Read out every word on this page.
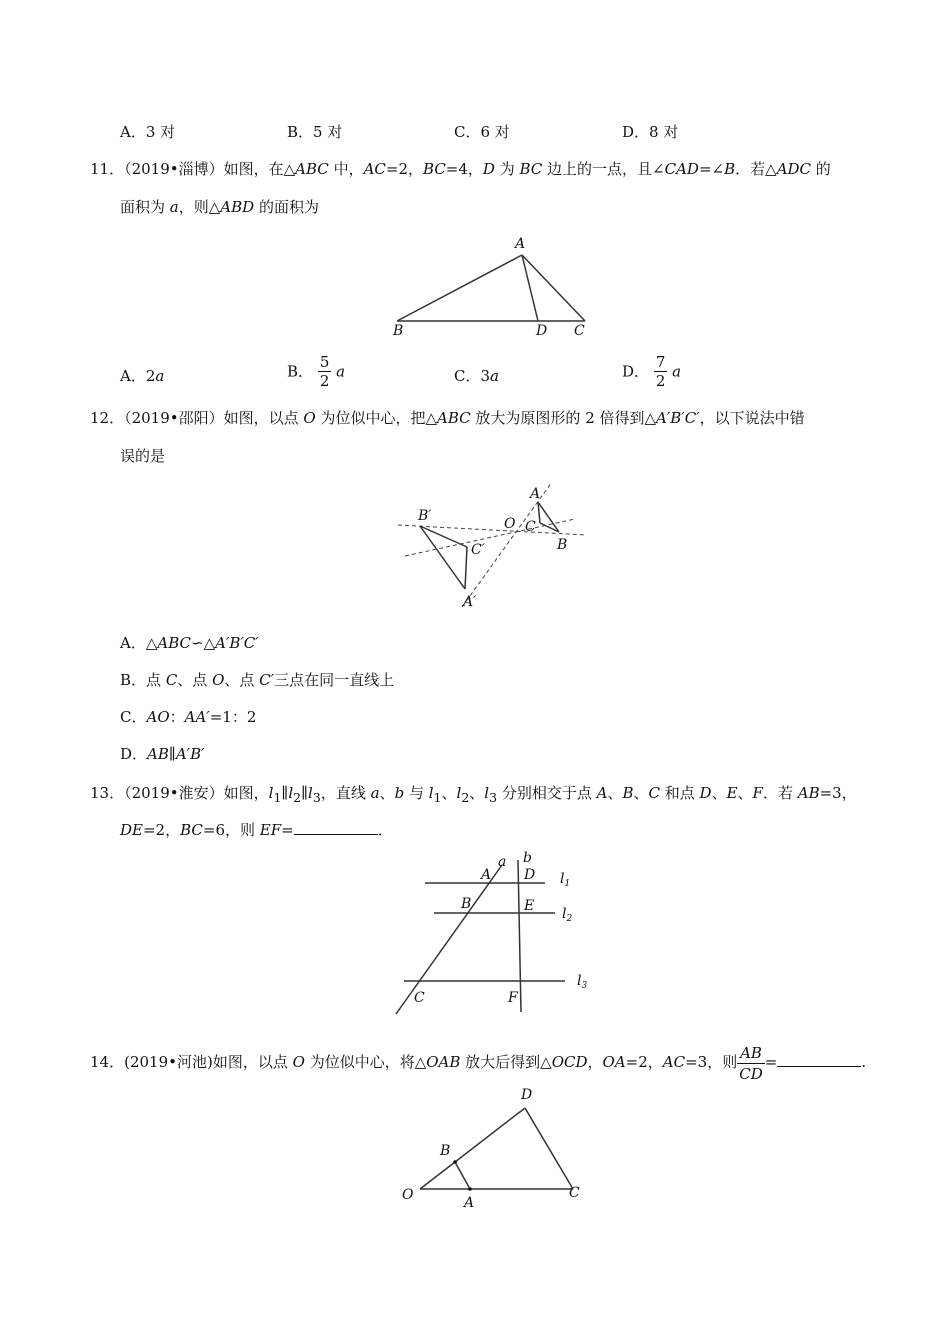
A．3 对	B．5 对	C．6 对	D．8 对
11．（2019•淄博）如图，在△ABC 中，AC=2，BC=4，D 为 BC 边上的一点，且∠CAD=∠B．若△ADC 的
面积为 a，则△ABD 的面积为
A
B	D C
A．2a	B． $\frac{5}{2}$ a	C．3a	D． $\frac{7}{2}$ a
12．（2019•邵阳）如图，以点 O 为位似中心，把△ABC 放大为原图形的 2 倍得到△A′B′C′，以下说法中错
误的是
A
B
C
O
B′
C′
A′
A．△ABC∽△A′B′C′
B．点 C、点 O、点 C′三点在同一直线上
C．AO：AA′=1：2
D．AB∥A′B′
13．（2019•淮安）如图，$l_1\parallel l_2\parallel l_3$，直线 a、b 与 $l_1$、$l_2$、$l_3$ 分别相交于点 A、B、C 和点 D、E、F．若 AB=3，
DE=2，BC=6，则 EF=	．
a b
A D
B	E
C	F
$l_1$
$l_2$
$l_3$
14．(2019•河池)如图，以点 O 为位似中心，将△OAB 放大后得到△OCD，OA=2，AC=3，则 $\frac{AB}{CD}$ =	.
O	A
B
C
D
